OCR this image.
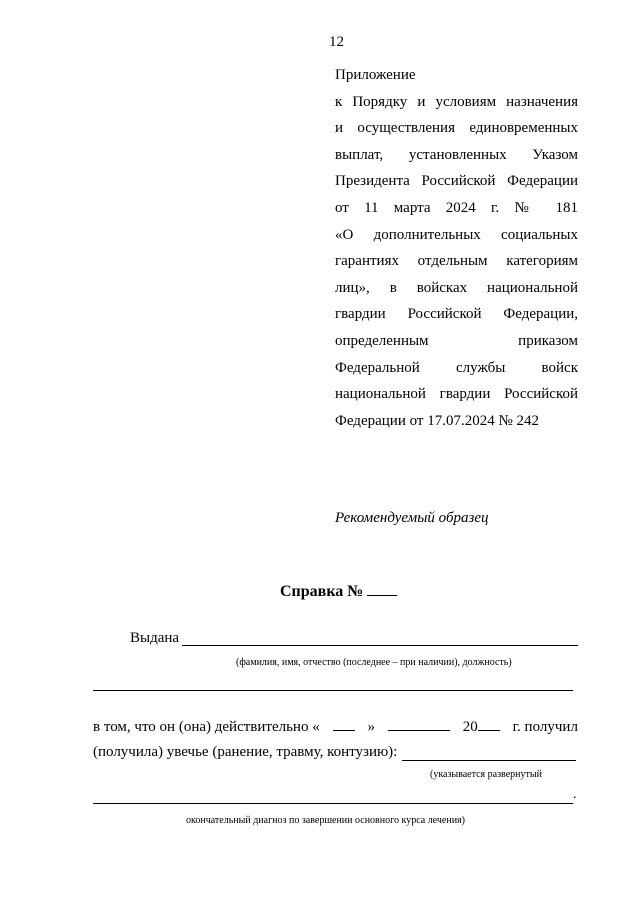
12
Приложение
к Порядку и условиям назначения
и осуществления единовременных
выплат, установленных Указом
Президента Российской Федерации
от 11 марта 2024 г. № 181
«О дополнительных социальных
гарантиях отдельным категориям
лиц», в войсках национальной
гвардии Российской Федерации,
определенным приказом
Федеральной службы войск
национальной гвардии Российской
Федерации от 17.07.2024 № 242
Рекомендуемый образец
Справка №
Выдана
(фамилия, имя, отчество (последнее – при наличии), должность)
в том, что он (она) действительно «	»	20	г. получил
(получила) увечье (ранение, травму, контузию):
(указывается развернутый
.
окончательный диагноз по завершении основного курса лечения)
